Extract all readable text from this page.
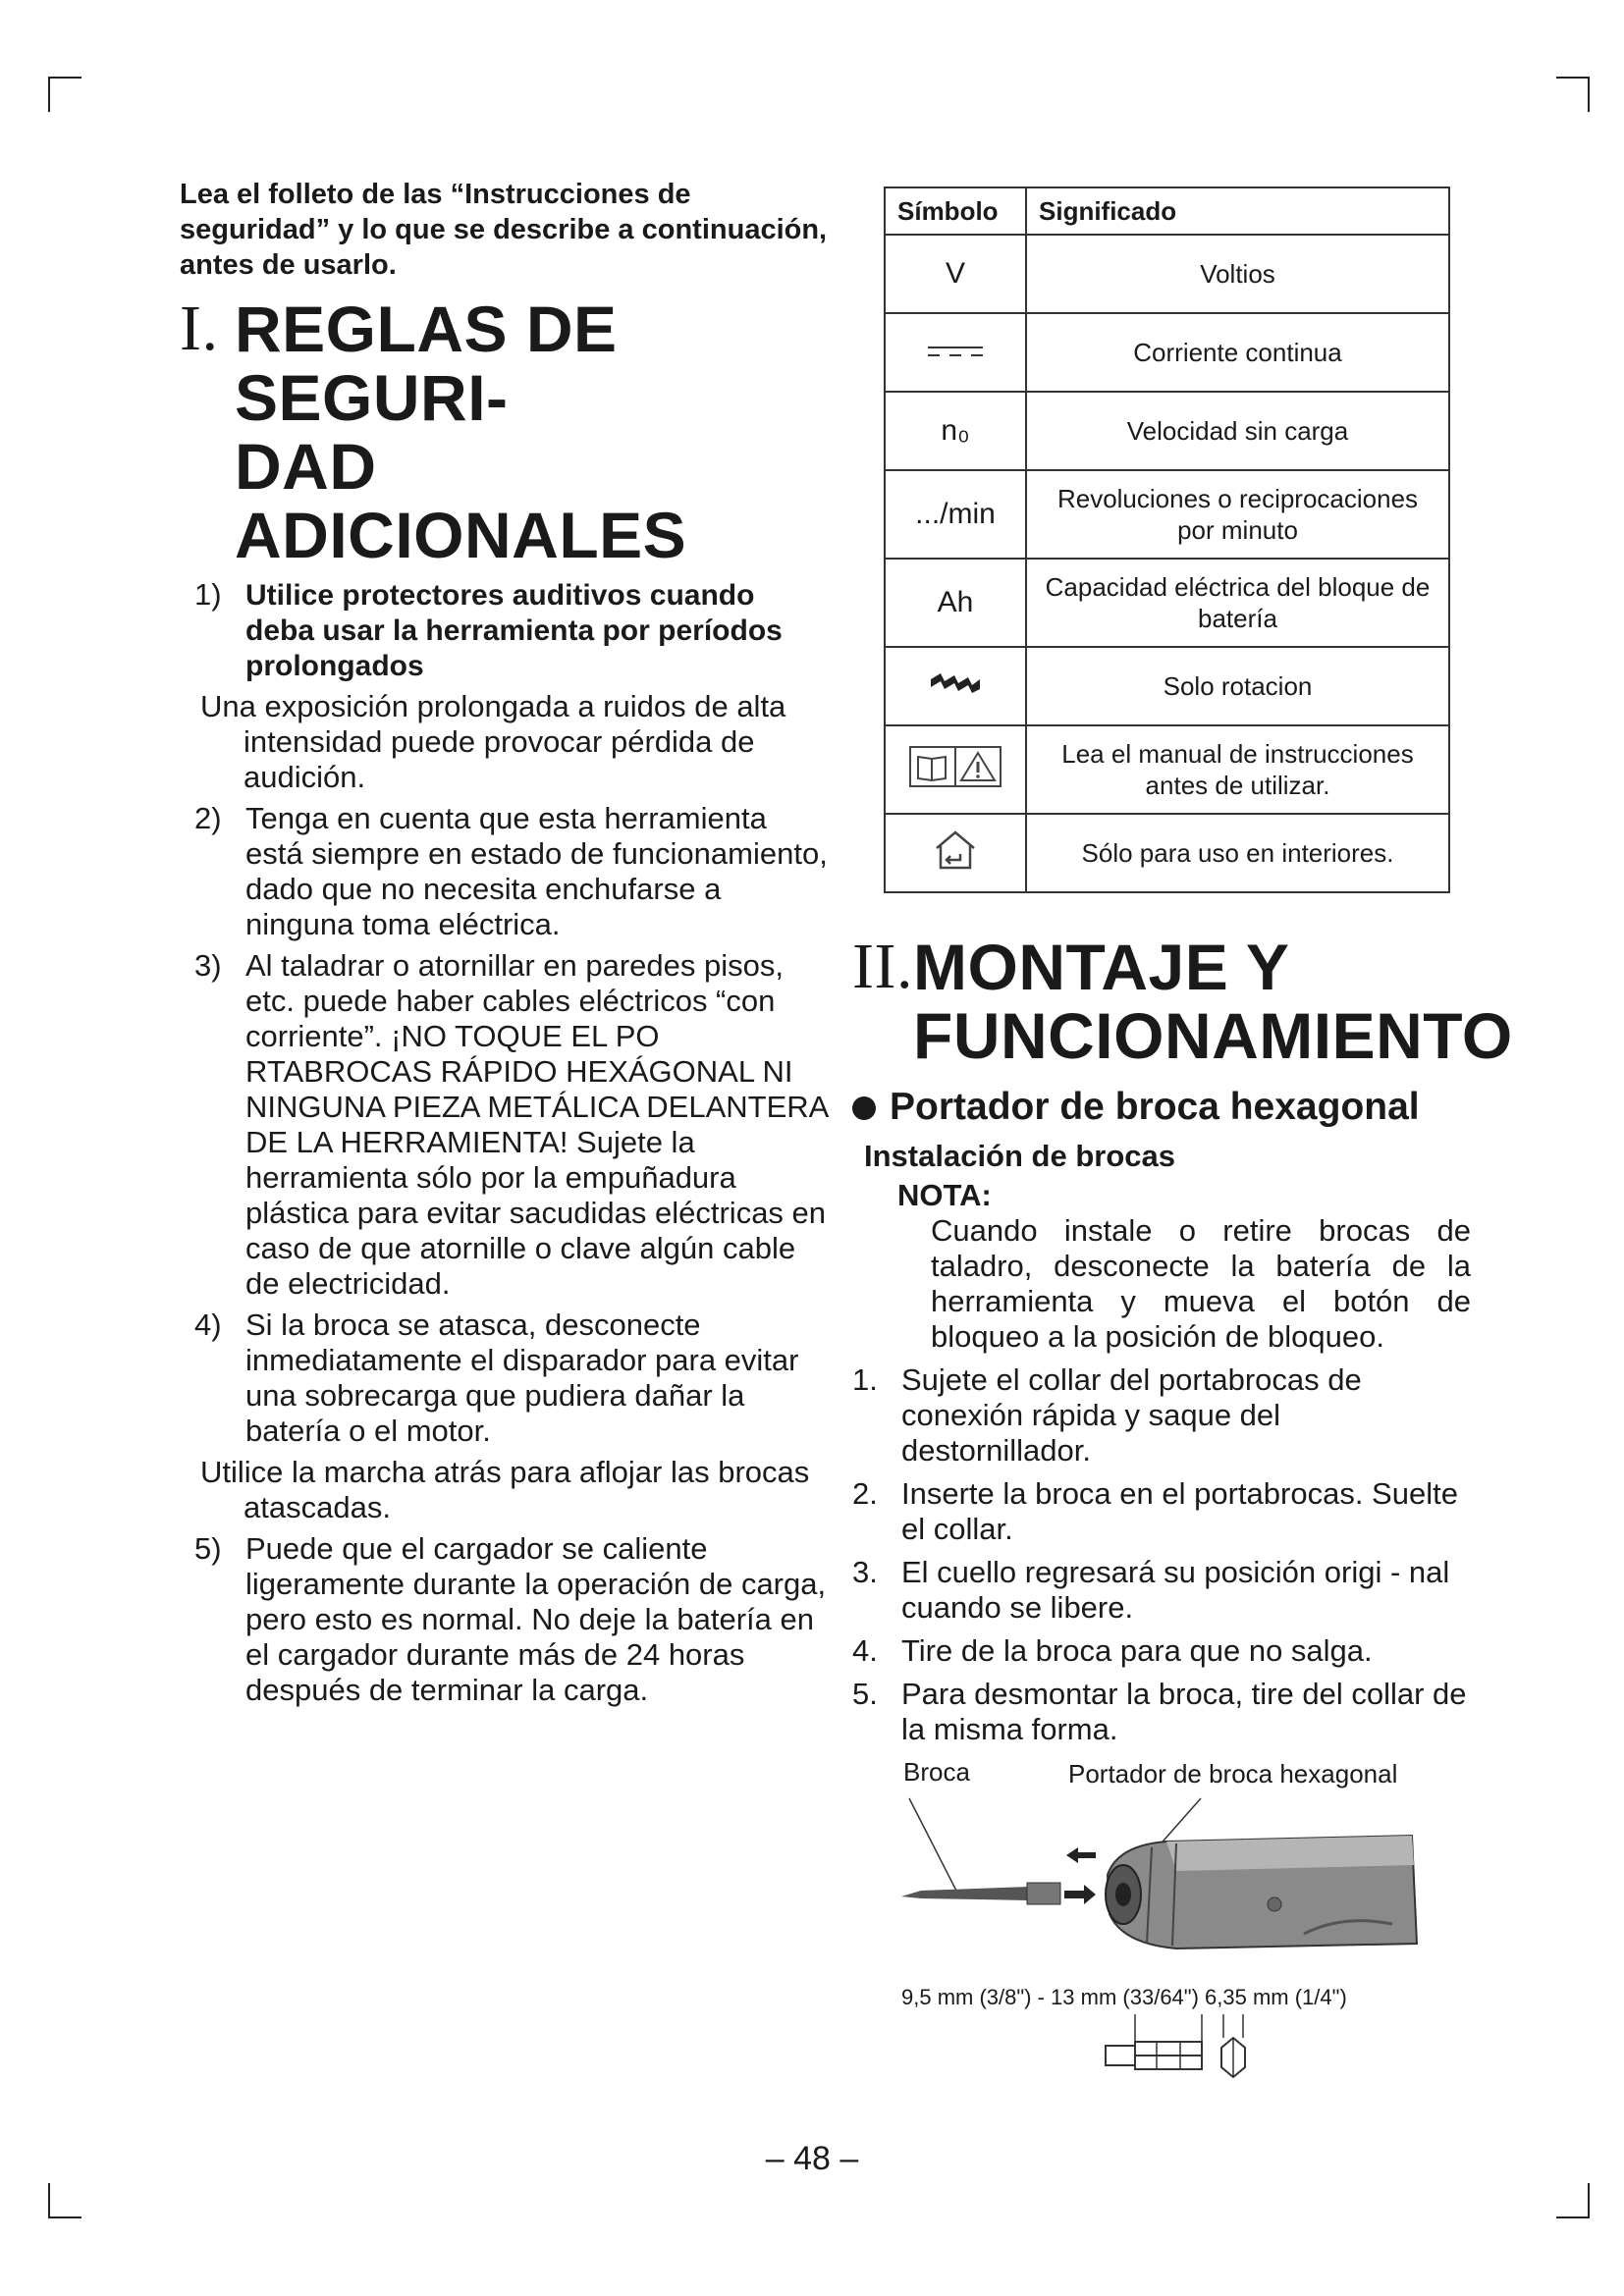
Lea el folleto de las “Instrucciones de seguridad” y lo que se describe a continuación, antes de usarlo.

I. REGLAS DE SEGURI-
DAD ADICIONALES
1) Utilice protectores auditivos cuando deba usar la herramienta por períodos prolongados
Una exposición prolongada a ruidos de alta intensidad puede provocar pérdida de audición.
2) Tenga en cuenta que esta herramienta está siempre en estado de funcionamiento, dado que no necesita enchufarse a ninguna toma eléctrica.
3) Al taladrar o atornillar en paredes pisos, etc. puede haber cables eléctricos “con corriente”. ¡NO TOQUE EL PO RTABROCAS RÁPIDO HEXÁGONAL NI NINGUNA PIEZA METÁLICA DELANTERA DE LA HERRAMIENTA! Sujete la herramienta sólo por la empuñadura plástica para evitar sacudidas eléctricas en caso de que atornille o clave algún cable de electricidad.
4) Si la broca se atasca, desconecte inmediatamente el disparador para evitar una sobrecarga que pudiera dañar la batería o el motor.
Utilice la marcha atrás para aflojar las brocas atascadas.
5) Puede que el cargador se caliente ligeramente durante la operación de carga, pero esto es normal. No deje la batería en el cargador durante más de 24 horas después de terminar la carga.
Símbolo	Significado
V	Voltios
	Corriente continua
n₀	Velocidad sin carga
.../min	Revoluciones o reciprocaciones por minuto
Ah	Capacidad eléctrica del bloque de batería
	Solo rotacion
	Lea el manual de instrucciones antes de utilizar.
	Sólo para uso en interiores.
II. MONTAJE Y
FUNCIONAMIENTO
Portador de broca hexagonal
Instalación de brocas
NOTA:
Cuando instale o retire brocas de taladro, desconecte la batería de la herramienta y mueva el botón de bloqueo a la posición de bloqueo.
1. Sujete el collar del portabrocas de conexión rápida y saque del destornillador.
2. Inserte la broca en el portabrocas. Suelte el collar.
3. El cuello regresará su posición origi - nal cuando se libere.
4. Tire de la broca para que no salga.
5. Para desmontar la broca, tire del collar de la misma forma.
Broca	Portador de broca hexagonal
9,5 mm (3/8") - 13 mm (33/64") 6,35 mm (1/4")
– 48 –
